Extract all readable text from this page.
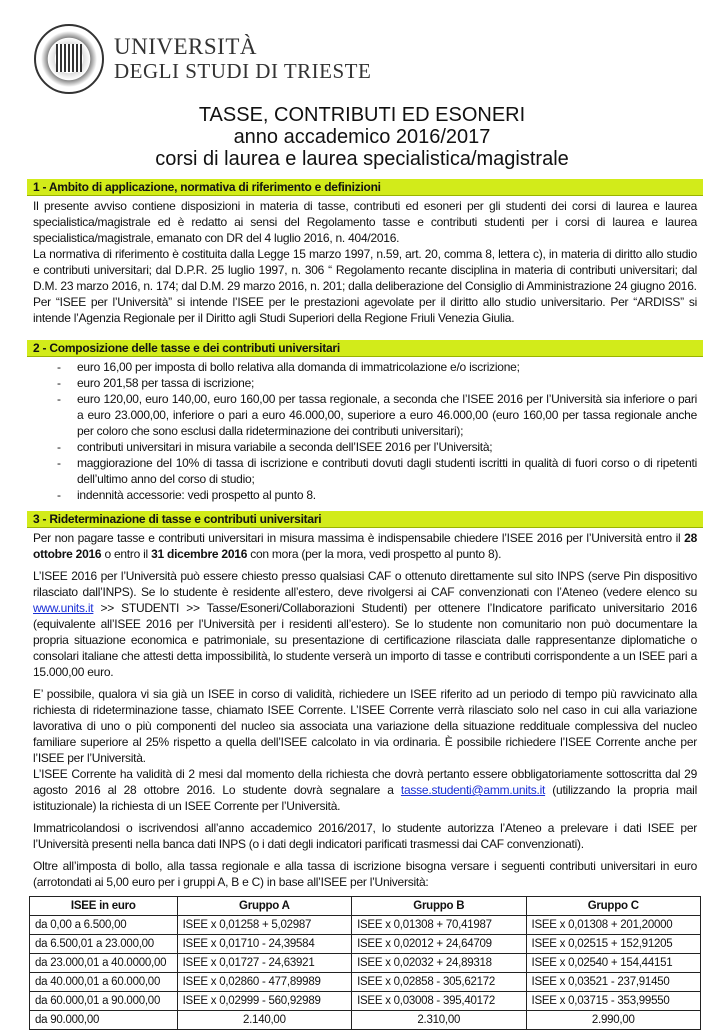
UNIVERSITÀ
DEGLI STUDI DI TRIESTE
TASSE, CONTRIBUTI ED ESONERI
anno accademico 2016/2017
corsi di laurea e laurea specialistica/magistrale
1 - Ambito di applicazione, normativa di riferimento e definizioni
Il presente avviso contiene disposizioni in materia di tasse, contributi ed esoneri per gli studenti dei corsi di laurea e laurea specialistica/magistrale ed è redatto ai sensi del Regolamento tasse e contributi studenti per i corsi di laurea e laurea specialistica/magistrale, emanato con DR del 4 luglio 2016, n. 404/2016.
La normativa di riferimento è costituita dalla Legge 15 marzo 1997, n.59, art. 20, comma 8, lettera c), in materia di diritto allo studio e contributi universitari; dal D.P.R. 25 luglio 1997, n. 306 “ Regolamento recante disciplina in materia di contributi universitari; dal D.M. 23 marzo 2016, n. 174; dal D.M. 29 marzo 2016, n. 201; dalla deliberazione del Consiglio di Amministrazione 24 giugno 2016.
Per “ISEE per l’Università” si intende l’ISEE per le prestazioni agevolate per il diritto allo studio universitario. Per “ARDISS” si intende l’Agenzia Regionale per il Diritto agli Studi Superiori della Regione Friuli Venezia Giulia.
2 - Composizione delle tasse e dei contributi universitari
- euro 16,00 per imposta di bollo relativa alla domanda di immatricolazione e/o iscrizione;
- euro 201,58 per tassa di iscrizione;
- euro 120,00, euro 140,00, euro 160,00 per tassa regionale, a seconda che l’ISEE 2016 per l’Università sia inferiore o pari a euro 23.000,00, inferiore o pari a euro 46.000,00, superiore a euro 46.000,00 (euro 160,00 per tassa regionale anche per coloro che sono esclusi dalla rideterminazione dei contributi universitari);
- contributi universitari in misura variabile a seconda dell’ISEE 2016 per l’Università;
- maggiorazione del 10% di tassa di iscrizione e contributi dovuti dagli studenti iscritti in qualità di fuori corso o di ripetenti dell’ultimo anno del corso di studio;
- indennità accessorie: vedi prospetto al punto 8.
3 - Rideterminazione di tasse e contributi universitari
Per non pagare tasse e contributi universitari in misura massima è indispensabile chiedere l’ISEE 2016 per l’Università entro il 28 ottobre 2016 o entro il 31 dicembre 2016 con mora (per la mora, vedi prospetto al punto 8).
L’ISEE 2016 per l’Università può essere chiesto presso qualsiasi CAF o ottenuto direttamente sul sito INPS (serve Pin dispositivo rilasciato dall’INPS). Se lo studente è residente all’estero, deve rivolgersi ai CAF convenzionati con l’Ateneo (vedere elenco su www.units.it >> STUDENTI >> Tasse/Esoneri/Collaborazioni Studenti) per ottenere l’Indicatore parificato universitario 2016 (equivalente all’ISEE 2016 per l’Università per i residenti all’estero). Se lo studente non comunitario non può documentare la propria situazione economica e patrimoniale, su presentazione di certificazione rilasciata dalle rappresentanze diplomatiche o consolari italiane che attesti detta impossibilità, lo studente verserà un importo di tasse e contributi corrispondente a un ISEE pari a 15.000,00 euro.
E’ possibile, qualora vi sia già un ISEE in corso di validità, richiedere un ISEE riferito ad un periodo di tempo più ravvicinato alla richiesta di rideterminazione tasse, chiamato ISEE Corrente. L’ISEE Corrente verrà rilasciato solo nel caso in cui alla variazione lavorativa di uno o più componenti del nucleo sia associata una variazione della situazione reddituale complessiva del nucleo familiare superiore al 25% rispetto a quella dell’ISEE calcolato in via ordinaria. È possibile richiedere l’ISEE Corrente anche per l’ISEE per l’Università.
L’ISEE Corrente ha validità di 2 mesi dal momento della richiesta che dovrà pertanto essere obbligatoriamente sottoscritta dal 29 agosto 2016 al 28 ottobre 2016. Lo studente dovrà segnalare a tasse.studenti@amm.units.it (utilizzando la propria mail istituzionale) la richiesta di un ISEE Corrente per l’Università.
Immatricolandosi o iscrivendosi all’anno accademico 2016/2017, lo studente autorizza l’Ateneo a prelevare i dati ISEE per l’Università presenti nella banca dati INPS (o i dati degli indicatori parificati trasmessi dai CAF convenzionati).
Oltre all’imposta di bollo, alla tassa regionale e alla tassa di iscrizione bisogna versare i seguenti contributi universitari in euro (arrotondati ai 5,00 euro per i gruppi A, B e C) in base all’ISEE per l’Università:
ISEE in euro	Gruppo A	Gruppo B	Gruppo C
da 0,00 a 6.500,00	ISEE x 0,01258 + 5,02987	ISEE x 0,01308 + 70,41987	ISEE x 0,01308 + 201,20000
da 6.500,01 a 23.000,00	ISEE x 0,01710 - 24,39584	ISEE x 0,02012 + 24,64709	ISEE x 0,02515 + 152,91205
da 23.000,01 a 40.0000,00	ISEE x 0,01727 - 24,63921	ISEE x 0,02032 + 24,89318	ISEE x 0,02540 + 154,44151
da 40.000,01 a 60.000,00	ISEE x 0,02860 - 477,89989	ISEE x 0,02858 - 305,62172	ISEE x 0,03521 - 237,91450
da 60.000,01 a 90.000,00	ISEE x 0,02999 - 560,92989	ISEE x 0,03008 - 395,40172	ISEE x 0,03715 - 353,99550
da 90.000,00	2.140,00	2.310,00	2.990,00
